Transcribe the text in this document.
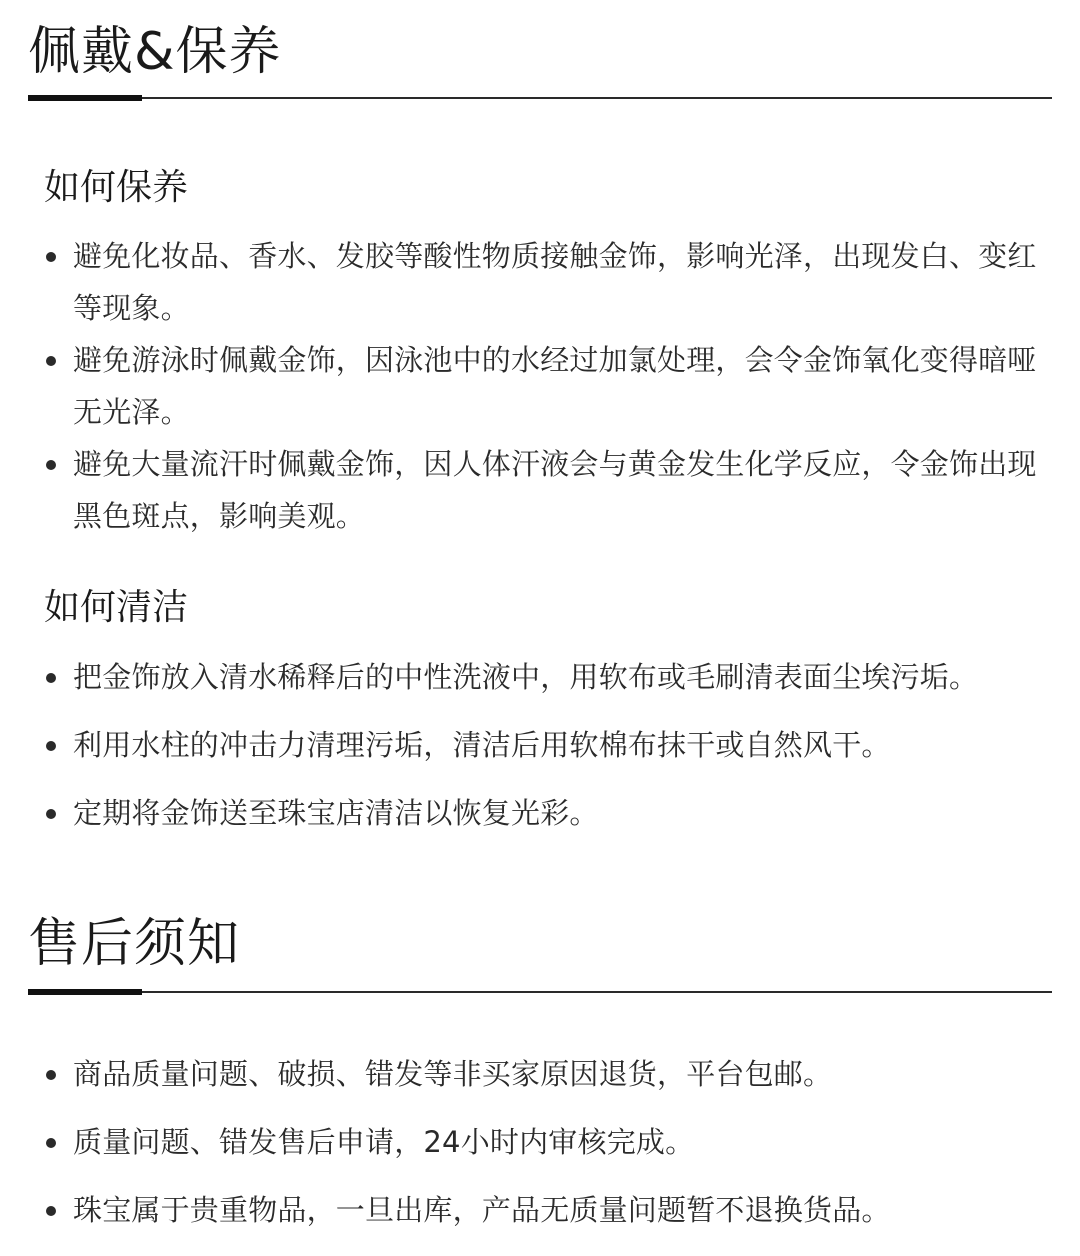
佩戴&保养
如何保养
避免化妆品、香水、发胶等酸性物质接触金饰，影响光泽，出现发白、变红等现象。
避免游泳时佩戴金饰，因泳池中的水经过加氯处理，会令金饰氧化变得暗哑无光泽。
避免大量流汗时佩戴金饰，因人体汗液会与黄金发生化学反应，令金饰出现黑色斑点，影响美观。
如何清洁
把金饰放入清水稀释后的中性洗液中，用软布或毛刷清表面尘埃污垢。
利用水柱的冲击力清理污垢，清洁后用软棉布抹干或自然风干。
定期将金饰送至珠宝店清洁以恢复光彩。
售后须知
商品质量问题、破损、错发等非买家原因退货，平台包邮。
质量问题、错发售后申请，24小时内审核完成。
珠宝属于贵重物品，一旦出库，产品无质量问题暂不退换货品。
